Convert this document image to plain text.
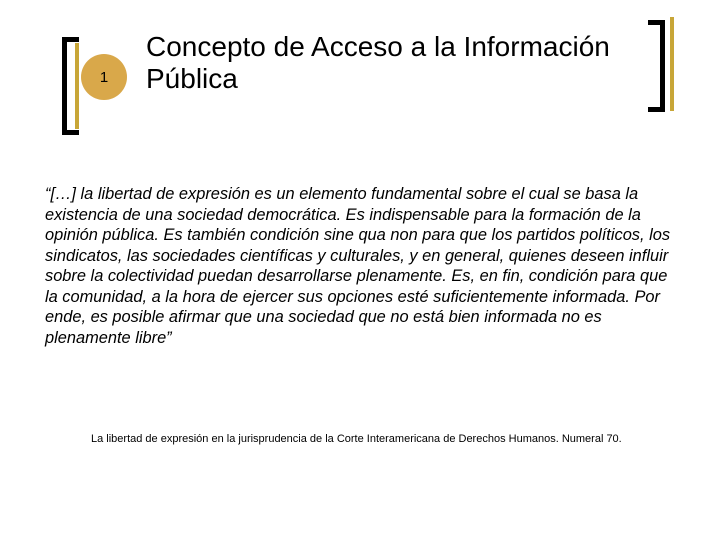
1
Concepto de Acceso a la Información Pública

“[…] la libertad de expresión es un elemento fundamental sobre el cual se basa la existencia de una sociedad democrática. Es indispensable para la formación de la opinión pública. Es también condición sine qua non para que los partidos políticos, los sindicatos, las sociedades científicas y culturales, y en general, quienes deseen influir sobre la colectividad puedan desarrollarse plenamente. Es, en fin, condición para que la comunidad, a la hora de ejercer sus opciones esté suficientemente informada. Por ende, es posible afirmar que una sociedad que no está bien informada no es plenamente libre”

La libertad de expresión en la jurisprudencia de la Corte Interamericana de Derechos Humanos. Numeral 70.
